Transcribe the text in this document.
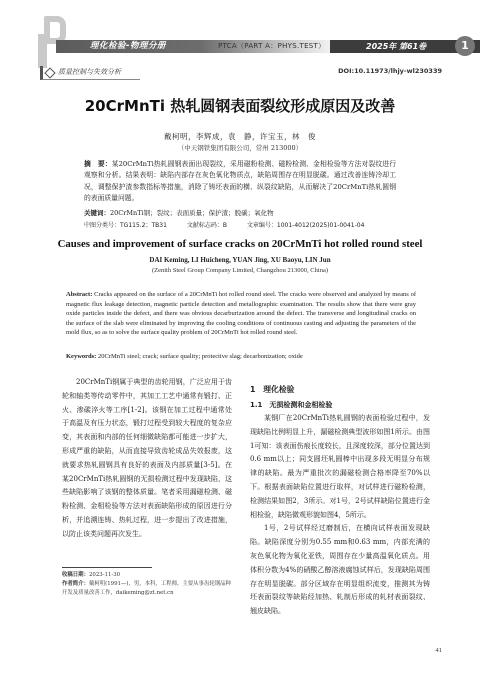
理化检验-物理分册	PTCA（PART A：PHYS.TEST）	2025年 第61卷	1
质量控制与失效分析	DOI:10.11973/lhjy-wl230339
20CrMnTi 热轧圆钢表面裂纹形成原因及改善
戴柯明，李辉成，袁　静，许宝玉，林　俊
（中天钢铁集团有限公司，常州 213000）
摘　要：某20CrMnTi热轧圆钢表面出现裂纹，采用磁粉检测、磁粉检测、金相检验等方法对裂纹进行观察和分析。结果表明：缺陷内部存在灰色氧化物质点，缺陷周围存在明显脱碳。通过改善连铸冷却工况，调整保护渣参数指标等措施，消除了铸坯表面的横、纵裂纹缺陷，从而解决了20CrMnTi热轧圆钢的表面质量问题。
关键词：20CrMnTi钢；裂纹；表面质量；保护渣；脱碳；氧化物
中图分类号：TG115.2；TB31	文献标志码：B	文章编号：1001-4012(2025)01-0041-04
Causes and improvement of surface cracks on 20CrMnTi hot rolled round steel
DAI Keming, LI Huicheng, YUAN Jing, XU Baoyu, LIN Jun
(Zenith Steel Group Company Limited, Changzhou 213000, China)
Abstract: Cracks appeared on the surface of a 20CrMnTi hot rolled round steel. The cracks were observed and analyzed by means of magnetic flux leakage detection, magnetic particle detection and metallographic examination. The results show that there were gray oxide particles inside the defect, and there was obvious decarburization around the defect. The transverse and longitudinal cracks on the surface of the slab were eliminated by improving the cooling conditions of continuous casting and adjusting the parameters of the mold flux, so as to solve the surface quality problem of 20CrMnTi hot rolled round steel.
Keywords: 20CrMnTi steel; crack; surface quality; protective slag; decarbonization; oxide

20CrMnTi钢属于典型的齿轮用钢，广泛应用于齿轮和轴类等传动零件中，其加工工艺中通常有锻打、正火、渗碳淬火等工序[1-2]。该钢在加工过程中通常处于高温及有压力状态，锻打过程受到较大程度的复杂应变，其表面和内部的任何细微缺陷都可能进一步扩大，形成严重的缺陷，从而直接导致齿轮成品失效报废，这就要求热轧圆钢具有良好的表面及内部质量[3-5]。在某20CrMnTi热轧圆钢的无损检测过程中发现缺陷，这些缺陷影响了该钢的整体质量。笔者采用漏磁检测、磁粉检测、金相检验等方法对表面缺陷形成的原因进行分析，并追溯连铸、热轧过程，进一步提出了改进措施，以防止该类问题再次发生。

收稿日期：2023-11-30
作者简介：戴柯明(1991—)，男，本科，工程师，主要从事齿轮钢品种开发及质量改善工作，daikeming@zt.net.cn
1　理化检验
1.1　无损检测和金相检验

某钢厂在20CrMnTi热轧圆钢的表面检验过程中，发现缺陷比例明显上升，漏磁检测典型波形如图1所示。由图1可知：该表面伤痕长度较长，且深度较深，部分位置达到0.6 mm以上；同支圆坯轧圆棒中出现多段无明显分布规律的缺陷。最为严重批次的漏磁检测合格率降至70%以下。根据表面缺陷位置进行取样，对试样进行磁粉检测，检测结果如图2，3所示。对1号，2号试样缺陷位置进行金相检验，缺陷微观形貌如图4，5所示。

1号，2号试样经过磨制后，在横向试样表面发现缺陷。缺陷深度分别为0.55 mm和0.63 mm，内部充满的灰色氧化物为氧化亚铁，周围存在少量高温氧化质点。用体积分数为4%的硝酸乙醇溶液腐蚀试样后，发现缺陷周围存在明显脱碳。部分区域存在明显组织流变，推测其为铸坯表面裂纹等缺陷经加热、轧制后形成的轧材表面裂纹、翘皮缺陷。

41
